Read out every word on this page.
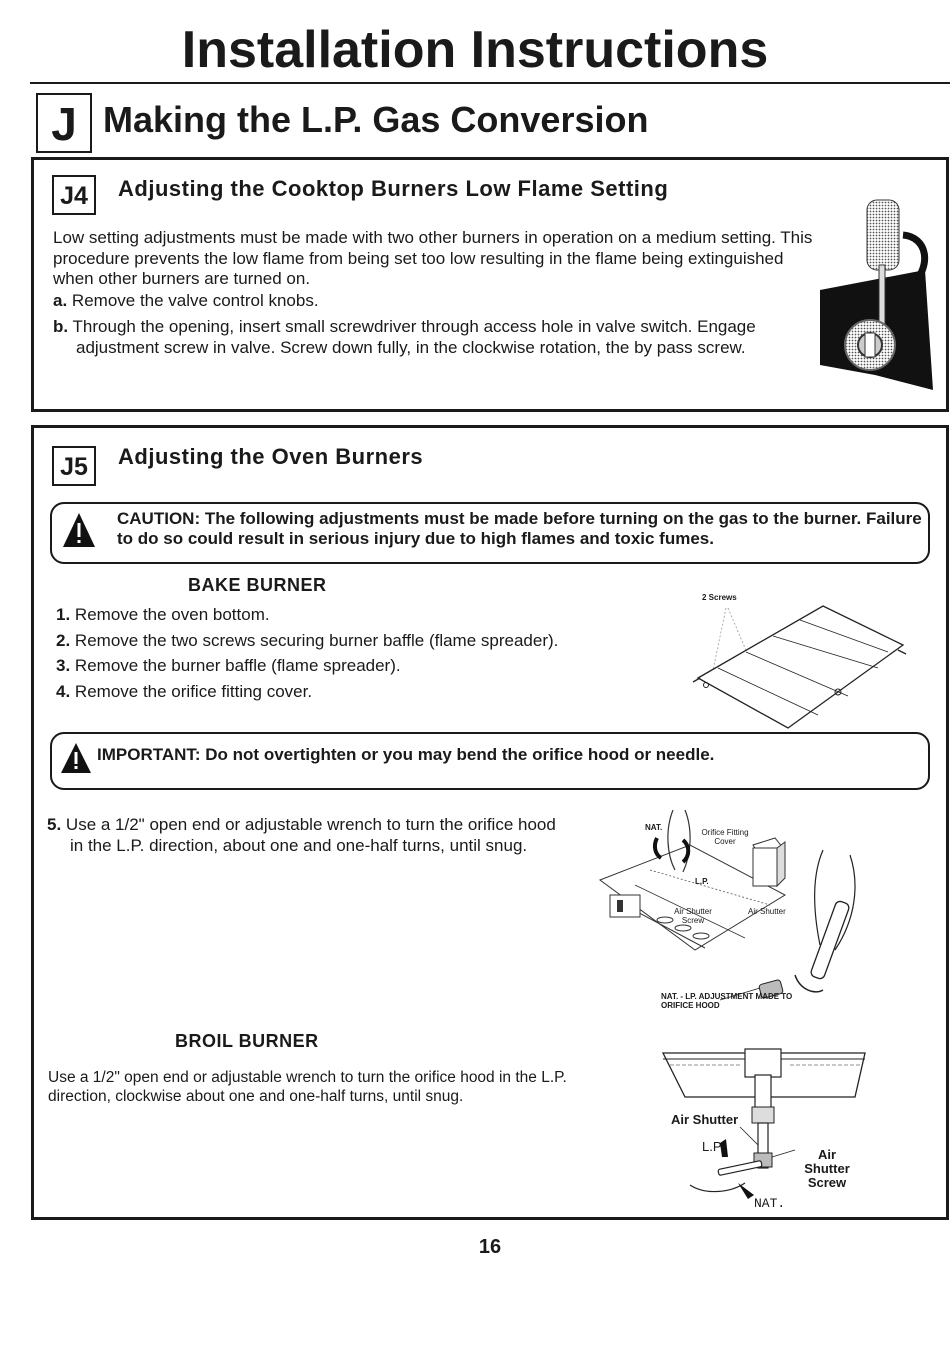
Installation Instructions
J Making the L.P. Gas Conversion
J4	Adjusting the Cooktop Burners Low Flame Setting
Low setting adjustments must be made with two other burners in operation on a medium setting. This procedure prevents the low flame from being set too low resulting in the flame being extinguished when other burners are turned on.
a. Remove the valve control knobs.
b. Through the opening, insert small screwdriver through access hole in valve switch. Engage adjustment screw in valve. Screw down fully, in the clockwise rotation, the by pass screw.
J5	Adjusting the Oven Burners
CAUTION: The following adjustments must be made before turning on the gas to the burner. Failure to do so could result in serious injury due to high flames and toxic fumes.
BAKE BURNER
1. Remove the oven bottom.
2. Remove the two screws securing burner baffle (flame spreader).
3. Remove the burner baffle (flame spreader).
4. Remove the orifice fitting cover.
2 Screws
IMPORTANT: Do not overtighten or you may bend the orifice hood or needle.
5. Use a 1/2" open end or adjustable wrench to turn the orifice hood in the L.P. direction, about one and one-half turns, until snug.
NAT.
Orifice Fitting Cover
L.P.
Air Shutter Screw
Air Shutter
NAT. - LP. ADJUSTMENT MADE TO ORIFICE HOOD
BROIL BURNER
Use a 1/2" open end or adjustable wrench to turn the orifice hood in the L.P. direction, clockwise about one and one-half turns, until snug.
Air Shutter
L.P.
Air Shutter Screw
NAT.
16
